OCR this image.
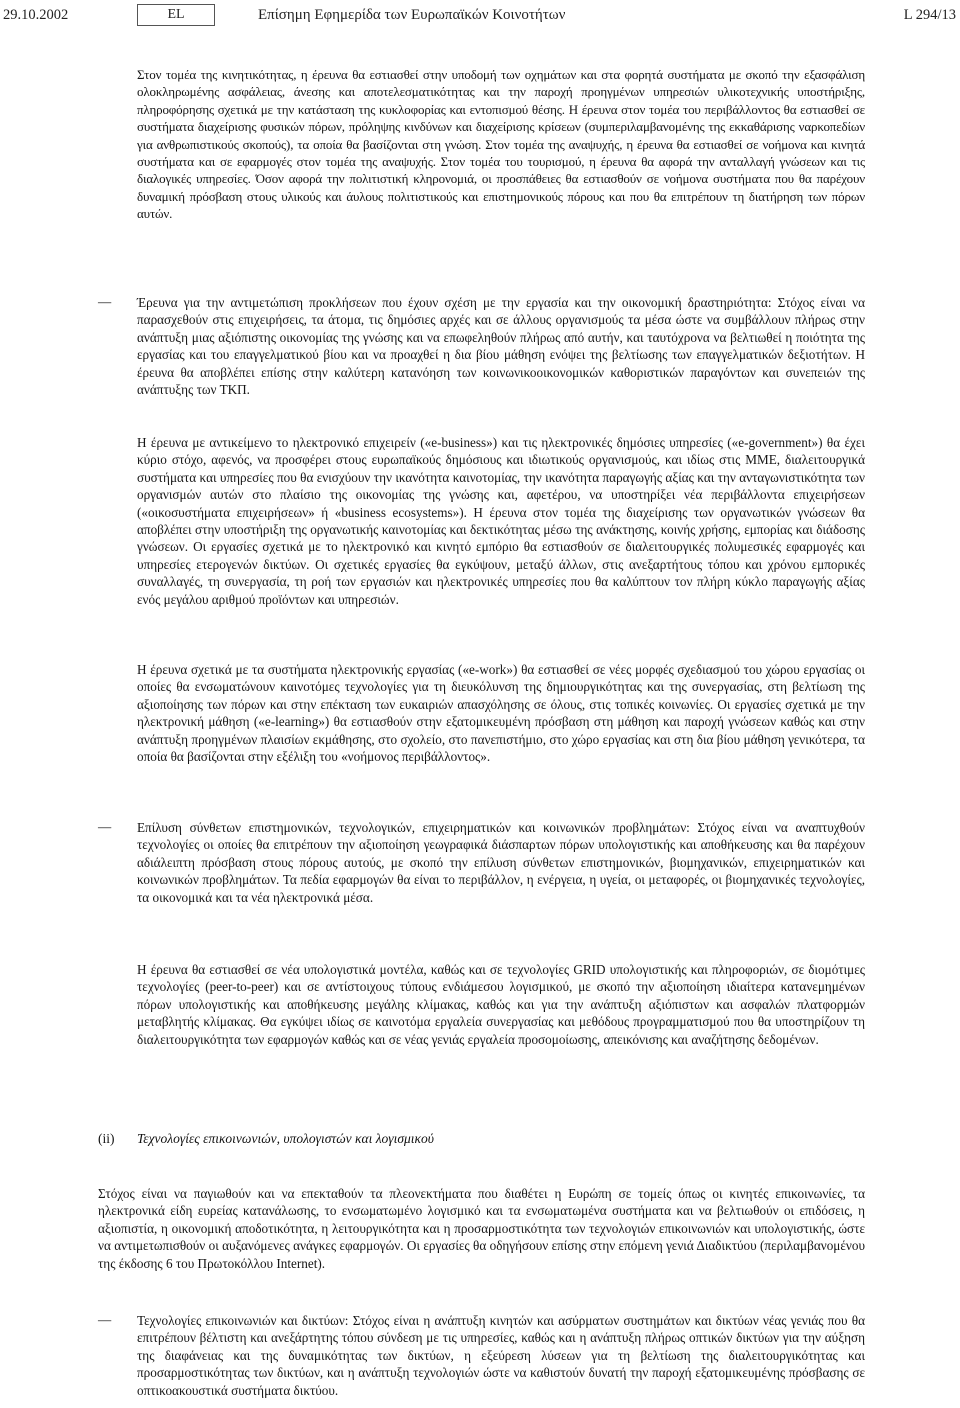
29.10.2002	EL	Επίσημη Εφημερίδα των Ευρωπαϊκών Κοινοτήτων	L 294/13

Στον τομέα της κινητικότητας, η έρευνα θα εστιασθεί στην υποδομή των οχημάτων και στα φορητά συστήματα με σκοπό την εξασφάλιση ολοκληρωμένης ασφάλειας, άνεσης και αποτελεσματικότητας και την παροχή προηγμένων υπηρεσιών υλικοτεχνικής υποστήριξης, πληροφόρησης σχετικά με την κατάσταση της κυκλοφορίας και εντοπισμού θέσης. Η έρευνα στον τομέα του περιβάλλοντος θα εστιασθεί σε συστήματα διαχείρισης φυσικών πόρων, πρόληψης κινδύνων και διαχείρισης κρίσεων (συμπεριλαμβανομένης της εκκαθάρισης ναρκοπεδίων για ανθρωπιστικούς σκοπούς), τα οποία θα βασίζονται στη γνώση. Στον τομέα της αναψυχής, η έρευνα θα εστιασθεί σε νοήμονα και κινητά συστήματα και σε εφαρμογές στον τομέα της αναψυχής. Στον τομέα του τουρισμού, η έρευνα θα αφορά την ανταλλαγή γνώσεων και τις διαλογικές υπηρεσίες. Όσον αφορά την πολιτιστική κληρονομιά, οι προσπάθειες θα εστιασθούν σε νοήμονα συστήματα που θα παρέχουν δυναμική πρόσβαση στους υλικούς και άυλους πολιτιστικούς και επιστημονικούς πόρους και που θα επιτρέπουν τη διατήρηση των πόρων αυτών.

— Έρευνα για την αντιμετώπιση προκλήσεων που έχουν σχέση με την εργασία και την οικονομική δραστηριότητα: Στόχος είναι να παρασχεθούν στις επιχειρήσεις, τα άτομα, τις δημόσιες αρχές και σε άλλους οργανισμούς τα μέσα ώστε να συμβάλλουν πλήρως στην ανάπτυξη μιας αξιόπιστης οικονομίας της γνώσης και να επωφεληθούν πλήρως από αυτήν, και ταυτόχρονα να βελτιωθεί η ποιότητα της εργασίας και του επαγγελματικού βίου και να προαχθεί η δια βίου μάθηση ενόψει της βελτίωσης των επαγγελματικών δεξιοτήτων. Η έρευνα θα αποβλέπει επίσης στην καλύτερη κατανόηση των κοινωνικοοικονομικών καθοριστικών παραγόντων και συνεπειών της ανάπτυξης των ΤΚΠ.

Η έρευνα με αντικείμενο το ηλεκτρονικό επιχειρείν («e-business») και τις ηλεκτρονικές δημόσιες υπηρεσίες («e-government») θα έχει κύριο στόχο, αφενός, να προσφέρει στους ευρωπαϊκούς δημόσιους και ιδιωτικούς οργανισμούς, και ιδίως στις ΜΜΕ, διαλειτουργικά συστήματα και υπηρεσίες που θα ενισχύουν την ικανότητα καινοτομίας, την ικανότητα παραγωγής αξίας και την ανταγωνιστικότητα των οργανισμών αυτών στο πλαίσιο της οικονομίας της γνώσης και, αφετέρου, να υποστηρίξει νέα περιβάλλοντα επιχειρήσεων («οικοσυστήματα επιχειρήσεων» ή «business ecosystems»). Η έρευνα στον τομέα της διαχείρισης των οργανωτικών γνώσεων θα αποβλέπει στην υποστήριξη της οργανωτικής καινοτομίας και δεκτικότητας μέσω της ανάκτησης, κοινής χρήσης, εμπορίας και διάδοσης γνώσεων. Οι εργασίες σχετικά με το ηλεκτρονικό και κινητό εμπόριο θα εστιασθούν σε διαλειτουργικές πολυμεσικές εφαρμογές και υπηρεσίες ετερογενών δικτύων. Οι σχετικές εργασίες θα εγκύψουν, μεταξύ άλλων, στις ανεξαρτήτους τόπου και χρόνου εμπορικές συναλλαγές, τη συνεργασία, τη ροή των εργασιών και ηλεκτρονικές υπηρεσίες που θα καλύπτουν τον πλήρη κύκλο παραγωγής αξίας ενός μεγάλου αριθμού προϊόντων και υπηρεσιών.

Η έρευνα σχετικά με τα συστήματα ηλεκτρονικής εργασίας («e-work») θα εστιασθεί σε νέες μορφές σχεδιασμού του χώρου εργασίας οι οποίες θα ενσωματώνουν καινοτόμες τεχνολογίες για τη διευκόλυνση της δημιουργικότητας και της συνεργασίας, στη βελτίωση της αξιοποίησης των πόρων και στην επέκταση των ευκαιριών απασχόλησης σε όλους, στις τοπικές κοινωνίες. Οι εργασίες σχετικά με την ηλεκτρονική μάθηση («e-learning») θα εστιασθούν στην εξατομικευμένη πρόσβαση στη μάθηση και παροχή γνώσεων καθώς και στην ανάπτυξη προηγμένων πλαισίων εκμάθησης, στο σχολείο, στο πανεπιστήμιο, στο χώρο εργασίας και στη δια βίου μάθηση γενικότερα, τα οποία θα βασίζονται στην εξέλιξη του «νοήμονος περιβάλλοντος».

— Επίλυση σύνθετων επιστημονικών, τεχνολογικών, επιχειρηματικών και κοινωνικών προβλημάτων: Στόχος είναι να αναπτυχθούν τεχνολογίες οι οποίες θα επιτρέπουν την αξιοποίηση γεωγραφικά διάσπαρτων πόρων υπολογιστικής και αποθήκευσης και θα παρέχουν αδιάλειπτη πρόσβαση στους πόρους αυτούς, με σκοπό την επίλυση σύνθετων επιστημονικών, βιομηχανικών, επιχειρηματικών και κοινωνικών προβλημάτων. Τα πεδία εφαρμογών θα είναι το περιβάλλον, η ενέργεια, η υγεία, οι μεταφορές, οι βιομηχανικές τεχνολογίες, τα οικονομικά και τα νέα ηλεκτρονικά μέσα.

Η έρευνα θα εστιασθεί σε νέα υπολογιστικά μοντέλα, καθώς και σε τεχνολογίες GRID υπολογιστικής και πληροφοριών, σε διομότιμες τεχνολογίες (peer-to-peer) και σε αντίστοιχους τύπους ενδιάμεσου λογισμικού, με σκοπό την αξιοποίηση ιδιαίτερα κατανεμημένων πόρων υπολογιστικής και αποθήκευσης μεγάλης κλίμακας, καθώς και για την ανάπτυξη αξιόπιστων και ασφαλών πλατφορμών μεταβλητής κλίμακας. Θα εγκύψει ιδίως σε καινοτόμα εργαλεία συνεργασίας και μεθόδους προγραμματισμού που θα υποστηρίζουν τη διαλειτουργικότητα των εφαρμογών καθώς και σε νέας γενιάς εργαλεία προσομοίωσης, απεικόνισης και αναζήτησης δεδομένων.

(ii) Τεχνολογίες επικοινωνιών, υπολογιστών και λογισμικού

Στόχος είναι να παγιωθούν και να επεκταθούν τα πλεονεκτήματα που διαθέτει η Ευρώπη σε τομείς όπως οι κινητές επικοινωνίες, τα ηλεκτρονικά είδη ευρείας κατανάλωσης, το ενσωματωμένο λογισμικό και τα ενσωματωμένα συστήματα και να βελτιωθούν οι επιδόσεις, η αξιοπιστία, η οικονομική αποδοτικότητα, η λειτουργικότητα και η προσαρμοστικότητα των τεχνολογιών επικοινωνιών και υπολογιστικής, ώστε να αντιμετωπισθούν οι αυξανόμενες ανάγκες εφαρμογών. Οι εργασίες θα οδηγήσουν επίσης στην επόμενη γενιά Διαδικτύου (περιλαμβανομένου της έκδοσης 6 του Πρωτοκόλλου Internet).

— Τεχνολογίες επικοινωνιών και δικτύων: Στόχος είναι η ανάπτυξη κινητών και ασύρματων συστημάτων και δικτύων νέας γενιάς που θα επιτρέπουν βέλτιστη και ανεξάρτητης τόπου σύνδεση με τις υπηρεσίες, καθώς και η ανάπτυξη πλήρως οπτικών δικτύων για την αύξηση της διαφάνειας και της δυναμικότητας των δικτύων, η εξεύρεση λύσεων για τη βελτίωση της διαλειτουργικότητας και προσαρμοστικότητας των δικτύων, και η ανάπτυξη τεχνολογιών ώστε να καθιστούν δυνατή την παροχή εξατομικευμένης πρόσβασης σε οπτικοακουστικά συστήματα δικτύου.
